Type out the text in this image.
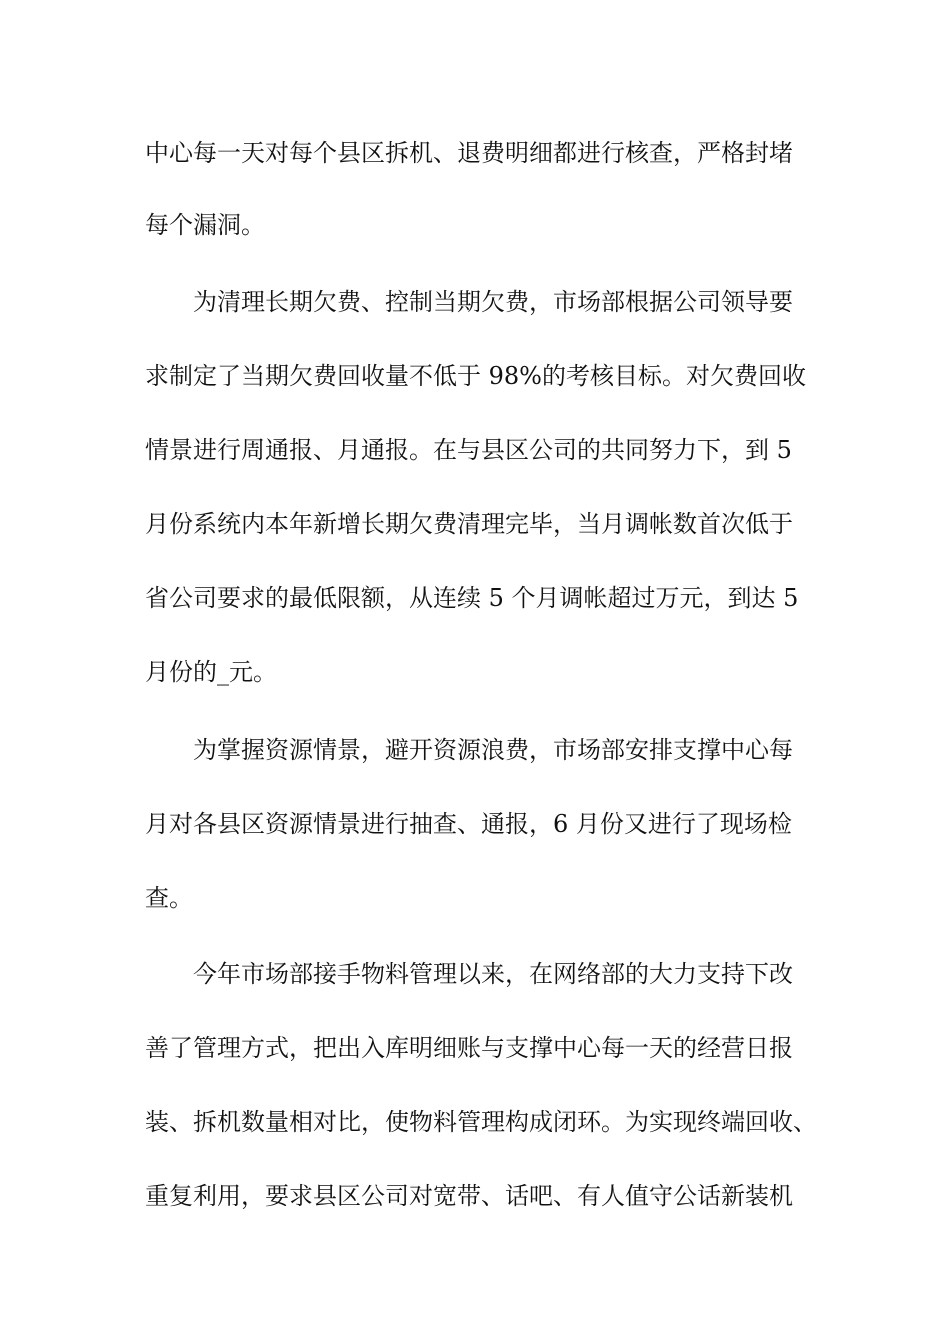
中心每一天对每个县区拆机、退费明细都进行核查，严格封堵
每个漏洞。
为清理长期欠费、控制当期欠费，市场部根据公司领导要
求制定了当期欠费回收量不低于 98%的考核目标。对欠费回收
情景进行周通报、月通报。在与县区公司的共同努力下，到 5
月份系统内本年新增长期欠费清理完毕，当月调帐数首次低于
省公司要求的最低限额，从连续 5 个月调帐超过万元，到达 5
月份的_元。
为掌握资源情景，避开资源浪费，市场部安排支撑中心每
月对各县区资源情景进行抽查、通报，6 月份又进行了现场检
查。
今年市场部接手物料管理以来，在网络部的大力支持下改
善了管理方式，把出入库明细账与支撑中心每一天的经营日报
装、拆机数量相对比，使物料管理构成闭环。为实现终端回收、
重复利用，要求县区公司对宽带、话吧、有人值守公话新装机
